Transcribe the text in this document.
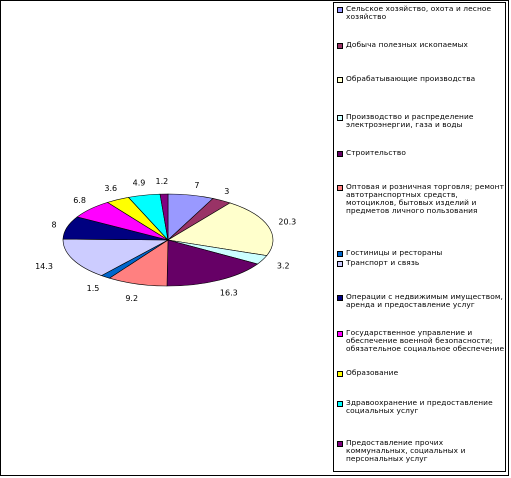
7
3
20.3
3.2
16.3
9.2
1.5
14.3
8
6.8
3.6
4.9 1.2
Сельское хозяйство, охота и лесное хозяйство
Добыча полезных ископаемых
Обрабатывающие производства
Производство и распределение электроэнергии, газа и воды
Строительство
Оптовая и розничная торговля; ремонт автотранспортных средств, мотоциклов, бытовых изделий и предметов личного пользования
Гостиницы и рестораны
Транспорт и связь
Операции с недвижимым имуществом, аренда и предоставление услуг
Государственное управление и обеспечение военной безопасности; обязательное социальное обеспечение
Образование
Здравоохранение и предоставление социальных услуг
Предоставление прочих коммунальных, социальных и персональных услуг
